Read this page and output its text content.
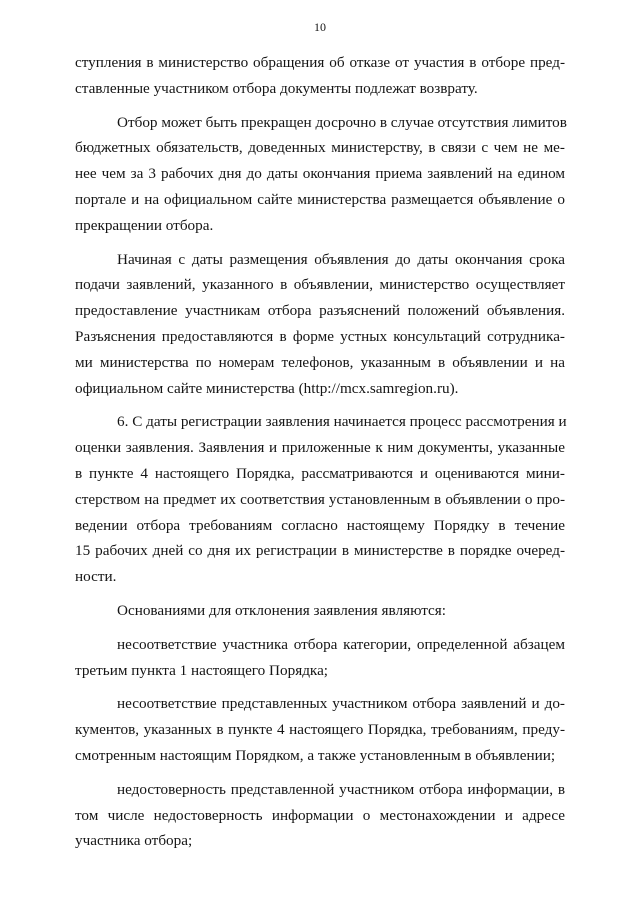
10
ступления в министерство обращения об отказе от участия в отборе пред-
ставленные участником отбора документы подлежат возврату.
Отбор может быть прекращен досрочно в случае отсутствия лимитов
бюджетных обязательств, доведенных министерству, в связи с чем не ме-
нее чем за 3 рабочих дня до даты окончания приема заявлений на едином
портале и на официальном сайте министерства размещается объявление о
прекращении отбора.
Начиная с даты размещения объявления до даты окончания срока
подачи заявлений, указанного в объявлении, министерство осуществляет
предоставление участникам отбора разъяснений положений объявления.
Разъяснения предоставляются в форме устных консультаций сотрудника-
ми министерства по номерам телефонов, указанным в объявлении и на
официальном сайте министерства (http://mcx.samregion.ru).
6. С даты регистрации заявления начинается процесс рассмотрения и
оценки заявления. Заявления и приложенные к ним документы, указанные
в пункте 4 настоящего Порядка, рассматриваются и оцениваются мини-
стерством на предмет их соответствия установленным в объявлении о про-
ведении отбора требованиям согласно настоящему Порядку в течение
15 рабочих дней со дня их регистрации в министерстве в порядке очеред-
ности.
Основаниями для отклонения заявления являются:
несоответствие участника отбора категории, определенной абзацем
третьим пункта 1 настоящего Порядка;
несоответствие представленных участником отбора заявлений и до-
кументов, указанных в пункте 4 настоящего Порядка, требованиям, преду-
смотренным настоящим Порядком, а также установленным в объявлении;
недостоверность представленной участником отбора информации, в
том числе недостоверность информации о местонахождении и адресе
участника отбора;
